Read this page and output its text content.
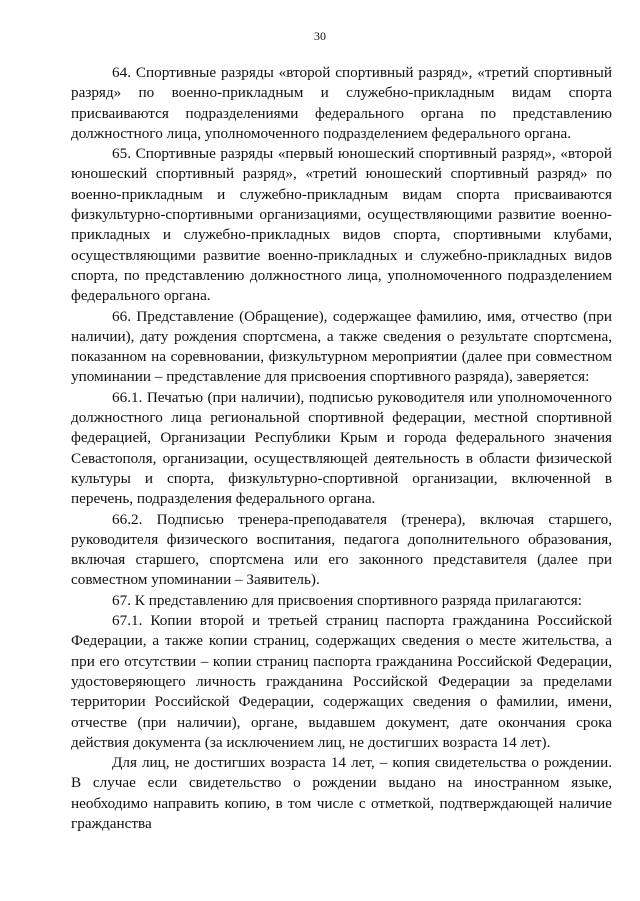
30

64. Спортивные разряды «второй спортивный разряд», «третий спортивный разряд» по военно-прикладным и служебно-прикладным видам спорта присваиваются подразделениями федерального органа по представлению должностного лица, уполномоченного подразделением федерального органа.

65. Спортивные разряды «первый юношеский спортивный разряд», «второй юношеский спортивный разряд», «третий юношеский спортивный разряд» по военно-прикладным и служебно-прикладным видам спорта присваиваются физкультурно-спортивными организациями, осуществляющими развитие военно-прикладных и служебно-прикладных видов спорта, спортивными клубами, осуществляющими развитие военно-прикладных и служебно-прикладных видов спорта, по представлению должностного лица, уполномоченного подразделением федерального органа.

66. Представление (Обращение), содержащее фамилию, имя, отчество (при наличии), дату рождения спортсмена, а также сведения о результате спортсмена, показанном на соревновании, физкультурном мероприятии (далее при совместном упоминании – представление для присвоения спортивного разряда), заверяется:

66.1. Печатью (при наличии), подписью руководителя или уполномоченного должностного лица региональной спортивной федерации, местной спортивной федерацией, Организации Республики Крым и города федерального значения Севастополя, организации, осуществляющей деятельность в области физической культуры и спорта, физкультурно-спортивной организации, включенной в перечень, подразделения федерального органа.

66.2. Подписью тренера-преподавателя (тренера), включая старшего, руководителя физического воспитания, педагога дополнительного образования, включая старшего, спортсмена или его законного представителя (далее при совместном упоминании – Заявитель).

67. К представлению для присвоения спортивного разряда прилагаются:

67.1. Копии второй и третьей страниц паспорта гражданина Российской Федерации, а также копии страниц, содержащих сведения о месте жительства, а при его отсутствии – копии страниц паспорта гражданина Российской Федерации, удостоверяющего личность гражданина Российской Федерации за пределами территории Российской Федерации, содержащих сведения о фамилии, имени, отчестве (при наличии), органе, выдавшем документ, дате окончания срока действия документа (за исключением лиц, не достигших возраста 14 лет).

Для лиц, не достигших возраста 14 лет, – копия свидетельства о рождении. В случае если свидетельство о рождении выдано на иностранном языке, необходимо направить копию, в том числе с отметкой, подтверждающей наличие гражданства
